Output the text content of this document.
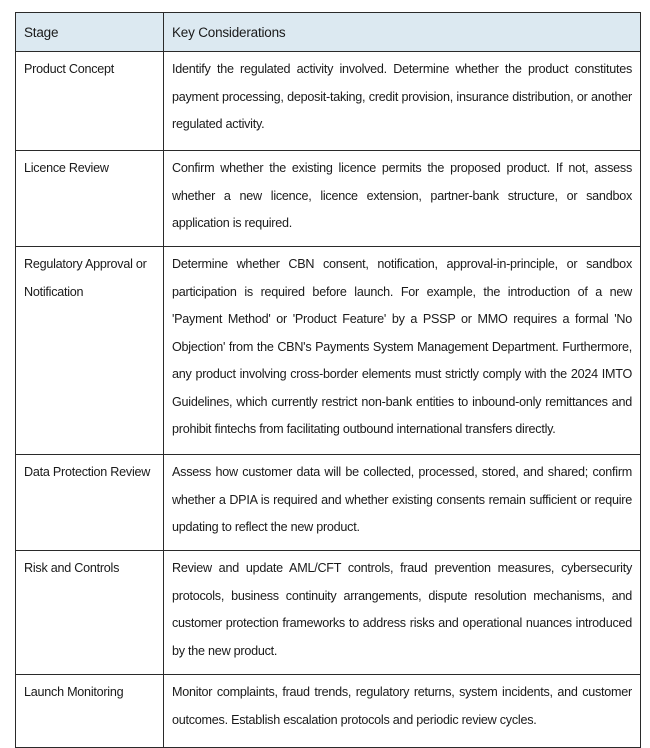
Stage	Key Considerations
Product Concept	Identify the regulated activity involved. Determine whether the product constitutes payment processing, deposit-taking, credit provision, insurance distribution, or another regulated activity.
Licence Review	Confirm whether the existing licence permits the proposed product. If not, assess whether a new licence, licence extension, partner-bank structure, or sandbox application is required.
Regulatory Approval or Notification	Determine whether CBN consent, notification, approval-in-principle, or sandbox participation is required before launch. For example, the introduction of a new 'Payment Method' or 'Product Feature' by a PSSP or MMO requires a formal 'No Objection' from the CBN's Payments System Management Department. Furthermore, any product involving cross-border elements must strictly comply with the 2024 IMTO Guidelines, which currently restrict non-bank entities to inbound-only remittances and prohibit fintechs from facilitating outbound international transfers directly.
Data Protection Review	Assess how customer data will be collected, processed, stored, and shared; confirm whether a DPIA is required and whether existing consents remain sufficient or require updating to reflect the new product.
Risk and Controls	Review and update AML/CFT controls, fraud prevention measures, cybersecurity protocols, business continuity arrangements, dispute resolution mechanisms, and customer protection frameworks to address risks and operational nuances introduced by the new product.
Launch Monitoring	Monitor complaints, fraud trends, regulatory returns, system incidents, and customer outcomes. Establish escalation protocols and periodic review cycles.
